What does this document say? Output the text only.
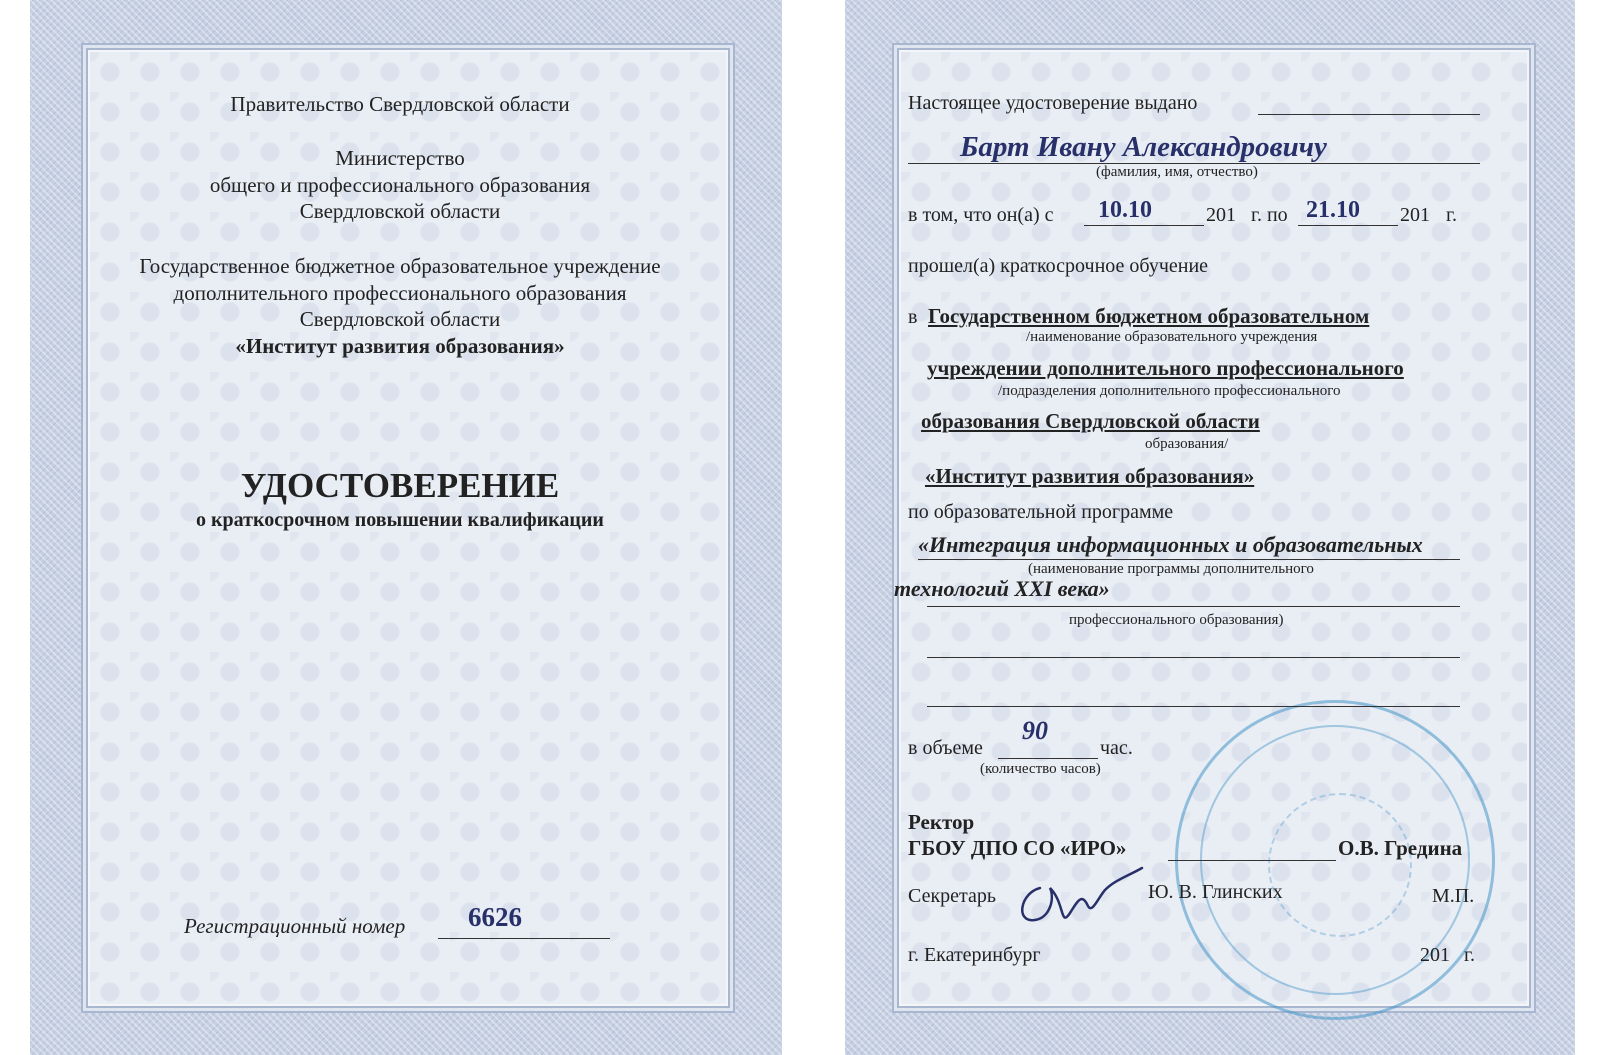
Правительство Свердловской области
Министерство
общего и профессионального образования
Свердловской области
Государственное бюджетное образовательное учреждение
дополнительного профессионального образования
Свердловской области
«Институт развития образования»
УДОСТОВЕРЕНИЕ
о краткосрочном повышении квалификации
Регистрационный номер 6626
Настоящее удостоверение выдано
Барт Ивану Александровичу
(фамилия, имя, отчество)
в том, что он(а) с 10.10	201 г. по 21.10 201 г.
прошел(а) краткосрочное обучение
в Государственном бюджетном образовательном
/наименование образовательного учреждения
учреждении дополнительного профессионального
/подразделения дополнительного профессионального
образования Свердловской области
образования/
«Институт развития образования»
по образовательной программе
«Интеграция информационных и образовательных
(наименование программы дополнительного
технологий XXI века»
профессионального образования)
в объеме
90
час.
(количество часов)
Ректор
ГБОУ ДПО СО «ИРО»	О.В. Гредина
Секретарь	Ю. В. Глинских	М.П.
г. Екатеринбург	201 г.
